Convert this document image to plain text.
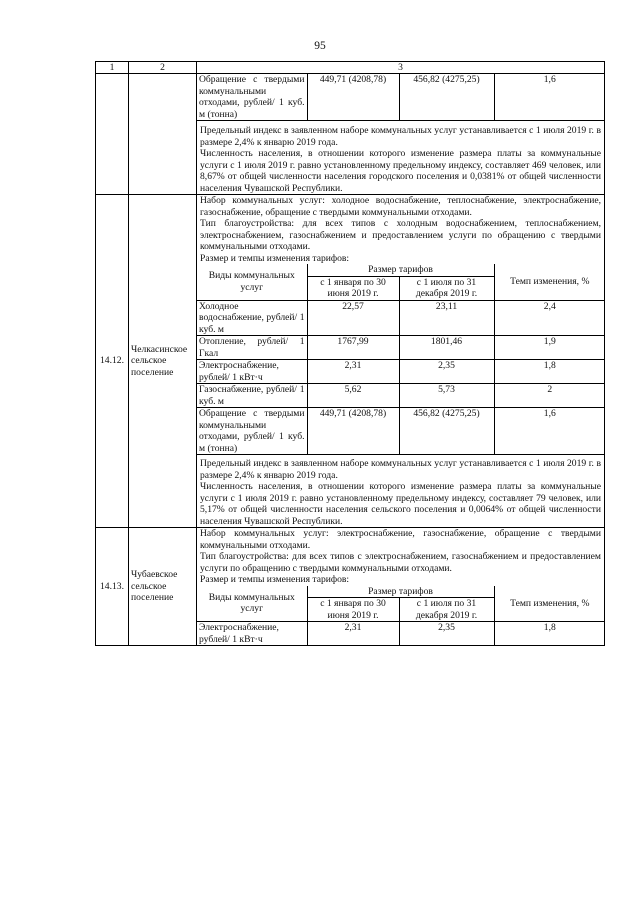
95
1	2	3

Обращение с твердыми коммунальными отходами, рублей/ 1 куб. м (тонна)	449,71 (4208,78)	456,82 (4275,25)	1,6
Предельный индекс в заявленном наборе коммунальных услуг устанавливается с 1 июля 2019 г. в размере 2,4% к январю 2019 года.
Численность населения, в отношении которого изменение размера платы за коммунальные услуги с 1 июля 2019 г. равно установленному предельному индексу, составляет 469 человек, или 8,67% от общей численности населения городского поселения и 0,0381% от общей численности населения Чувашской Республики.

14.12.	Челкасинское сельское поселение	
Набор коммунальных услуг: холодное водоснабжение, теплоснабжение, электроснабжение, газоснабжение, обращение с твердыми коммунальными отходами.
Тип благоустройства: для всех типов с холодным водоснабжением, теплоснабжением, электроснабжением, газоснабжением и предоставлением услуги по обращению с твердыми коммунальными отходами.
Размер и темпы изменения тарифов:
Виды коммунальных услуг	Размер тарифов	Темп изменения, %
с 1 января по 30 июня 2019 г.	с 1 июля по 31 декабря 2019 г.
Холодное водоснабжение, рублей/ 1 куб. м	22,57	23,11	2,4
Отопление, рублей/ 1 Гкал	1767,99	1801,46	1,9
Электроснабжение, рублей/ 1 кВт·ч	2,31	2,35	1,8
Газоснабжение, рублей/ 1 куб. м	5,62	5,73	2
Обращение с твердыми коммунальными отходами, рублей/ 1 куб. м (тонна)	449,71 (4208,78)	456,82 (4275,25)	1,6
Предельный индекс в заявленном наборе коммунальных услуг устанавливается с 1 июля 2019 г. в размере 2,4% к январю 2019 года.
Численность населения, в отношении которого изменение размера платы за коммунальные услуги с 1 июля 2019 г. равно установленному предельному индексу, составляет 79 человек, или 5,17% от общей численности населения сельского поселения и 0,0064% от общей численности населения Чувашской Республики.

14.13.	Чубаевское сельское поселение	
Набор коммунальных услуг: электроснабжение, газоснабжение, обращение с твердыми коммунальными отходами.
Тип благоустройства: для всех типов с электроснабжением, газоснабжением и предоставлением услуги по обращению с твердыми коммунальными отходами.
Размер и темпы изменения тарифов:
Виды коммунальных услуг	Размер тарифов	Темп изменения, %
с 1 января по 30 июня 2019 г.	с 1 июля по 31 декабря 2019 г.
Электроснабжение, рублей/ 1 кВт·ч	2,31	2,35	1,8
